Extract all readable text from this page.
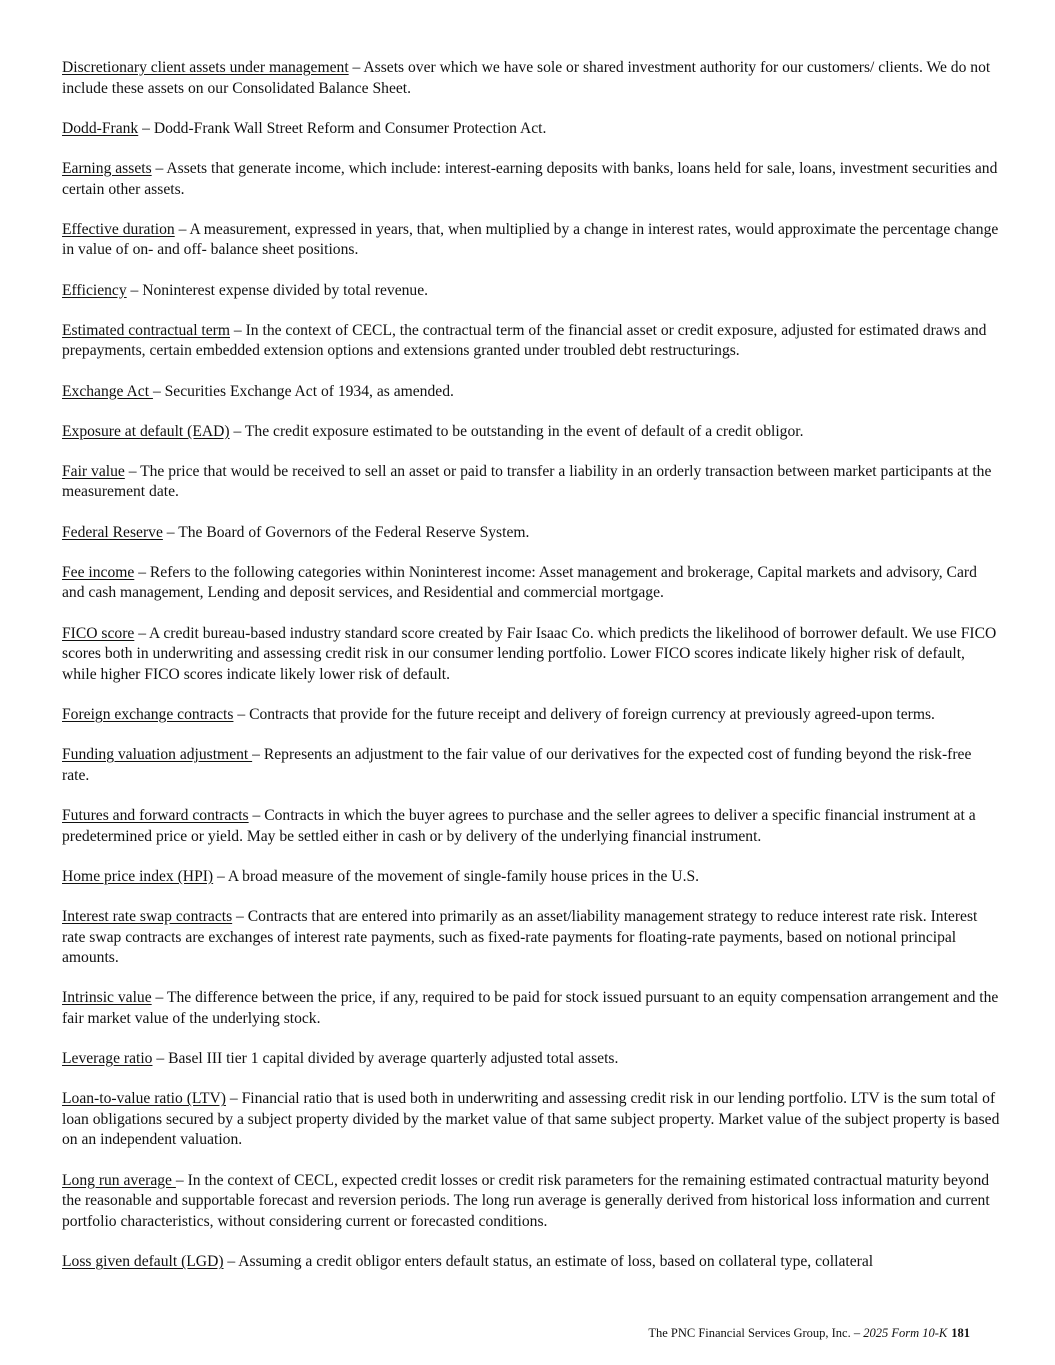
Discretionary client assets under management – Assets over which we have sole or shared investment authority for our customers/ clients. We do not include these assets on our Consolidated Balance Sheet.

Dodd-Frank – Dodd-Frank Wall Street Reform and Consumer Protection Act.

Earning assets – Assets that generate income, which include: interest-earning deposits with banks, loans held for sale, loans, investment securities and certain other assets.

Effective duration – A measurement, expressed in years, that, when multiplied by a change in interest rates, would approximate the percentage change in value of on- and off- balance sheet positions.

Efficiency – Noninterest expense divided by total revenue.

Estimated contractual term – In the context of CECL, the contractual term of the financial asset or credit exposure, adjusted for estimated draws and prepayments, certain embedded extension options and extensions granted under troubled debt restructurings.

Exchange Act – Securities Exchange Act of 1934, as amended.

Exposure at default (EAD) – The credit exposure estimated to be outstanding in the event of default of a credit obligor.

Fair value – The price that would be received to sell an asset or paid to transfer a liability in an orderly transaction between market participants at the measurement date.

Federal Reserve – The Board of Governors of the Federal Reserve System.

Fee income – Refers to the following categories within Noninterest income: Asset management and brokerage, Capital markets and advisory, Card and cash management, Lending and deposit services, and Residential and commercial mortgage.

FICO score – A credit bureau-based industry standard score created by Fair Isaac Co. which predicts the likelihood of borrower default. We use FICO scores both in underwriting and assessing credit risk in our consumer lending portfolio. Lower FICO scores indicate likely higher risk of default, while higher FICO scores indicate likely lower risk of default.

Foreign exchange contracts – Contracts that provide for the future receipt and delivery of foreign currency at previously agreed-upon terms.

Funding valuation adjustment – Represents an adjustment to the fair value of our derivatives for the expected cost of funding beyond the risk-free rate.

Futures and forward contracts – Contracts in which the buyer agrees to purchase and the seller agrees to deliver a specific financial instrument at a predetermined price or yield. May be settled either in cash or by delivery of the underlying financial instrument.

Home price index (HPI) – A broad measure of the movement of single-family house prices in the U.S.

Interest rate swap contracts – Contracts that are entered into primarily as an asset/liability management strategy to reduce interest rate risk. Interest rate swap contracts are exchanges of interest rate payments, such as fixed-rate payments for floating-rate payments, based on notional principal amounts.

Intrinsic value – The difference between the price, if any, required to be paid for stock issued pursuant to an equity compensation arrangement and the fair market value of the underlying stock.

Leverage ratio – Basel III tier 1 capital divided by average quarterly adjusted total assets.

Loan-to-value ratio (LTV) – Financial ratio that is used both in underwriting and assessing credit risk in our lending portfolio. LTV is the sum total of loan obligations secured by a subject property divided by the market value of that same subject property. Market value of the subject property is based on an independent valuation.

Long run average – In the context of CECL, expected credit losses or credit risk parameters for the remaining estimated contractual maturity beyond the reasonable and supportable forecast and reversion periods. The long run average is generally derived from historical loss information and current portfolio characteristics, without considering current or forecasted conditions.

Loss given default (LGD) – Assuming a credit obligor enters default status, an estimate of loss, based on collateral type, collateral

The PNC Financial Services Group, Inc. – 2025 Form 10-K 181
